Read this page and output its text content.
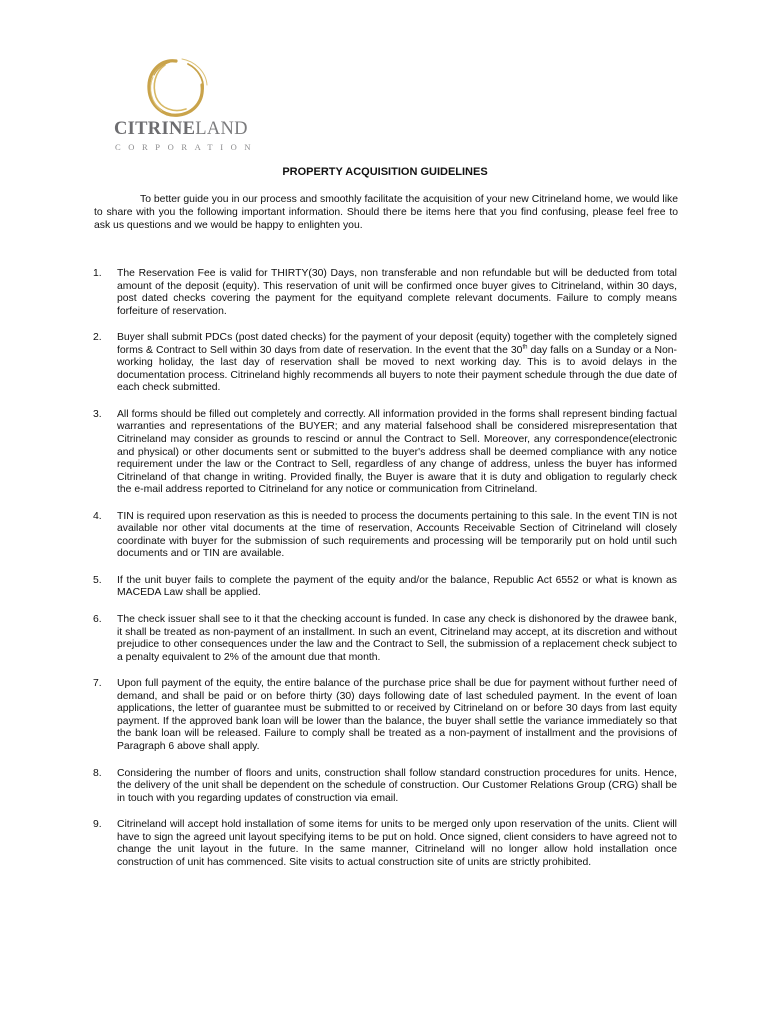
CITRINELAND
CORPORATION
PROPERTY ACQUISITION GUIDELINES

To better guide you in our process and smoothly facilitate the acquisition of your new Citrineland home, we would like to share with you the following important information. Should there be items here that you find confusing, please feel free to ask us questions and we would be happy to enlighten you.

1. The Reservation Fee is valid for THIRTY(30) Days, non transferable and non refundable but will be deducted from total amount of the deposit (equity). This reservation of unit will be confirmed once buyer gives to Citrineland, within 30 days, post dated checks covering the payment for the equityand complete relevant documents. Failure to comply means forfeiture of reservation.
2. Buyer shall submit PDCs (post dated checks) for the payment of your deposit (equity) together with the completely signed forms & Contract to Sell within 30 days from date of reservation. In the event that the 30th day falls on a Sunday or a Non-working holiday, the last day of reservation shall be moved to next working day. This is to avoid delays in the documentation process. Citrineland highly recommends all buyers to note their payment schedule through the due date of each check submitted.
3. All forms should be filled out completely and correctly. All information provided in the forms shall represent binding factual warranties and representations of the BUYER; and any material falsehood shall be considered misrepresentation that Citrineland may consider as grounds to rescind or annul the Contract to Sell. Moreover, any correspondence(electronic and physical) or other documents sent or submitted to the buyer's address shall be deemed compliance with any notice requirement under the law or the Contract to Sell, regardless of any change of address, unless the buyer has informed Citrineland of that change in writing. Provided finally, the Buyer is aware that it is duty and obligation to regularly check the e-mail address reported to Citrineland for any notice or communication from Citrineland.
4. TIN is required upon reservation as this is needed to process the documents pertaining to this sale. In the event TIN is not available nor other vital documents at the time of reservation, Accounts Receivable Section of Citrineland will closely coordinate with buyer for the submission of such requirements and processing will be temporarily put on hold until such documents and or TIN are available.
5. If the unit buyer fails to complete the payment of the equity and/or the balance, Republic Act 6552 or what is known as MACEDA Law shall be applied.
6. The check issuer shall see to it that the checking account is funded. In case any check is dishonored by the drawee bank, it shall be treated as non-payment of an installment. In such an event, Citrineland may accept, at its discretion and without prejudice to other consequences under the law and the Contract to Sell, the submission of a replacement check subject to a penalty equivalent to 2% of the amount due that month.
7. Upon full payment of the equity, the entire balance of the purchase price shall be due for payment without further need of demand, and shall be paid or on before thirty (30) days following date of last scheduled payment. In the event of loan applications, the letter of guarantee must be submitted to or received by Citrineland on or before 30 days from last equity payment. If the approved bank loan will be lower than the balance, the buyer shall settle the variance immediately so that the bank loan will be released. Failure to comply shall be treated as a non-payment of installment and the provisions of Paragraph 6 above shall apply.
8. Considering the number of floors and units, construction shall follow standard construction procedures for units. Hence, the delivery of the unit shall be dependent on the schedule of construction. Our Customer Relations Group (CRG) shall be in touch with you regarding updates of construction via email.
9. Citrineland will accept hold installation of some items for units to be merged only upon reservation of the units. Client will have to sign the agreed unit layout specifying items to be put on hold. Once signed, client considers to have agreed not to change the unit layout in the future. In the same manner, Citrineland will no longer allow hold installation once construction of unit has commenced. Site visits to actual construction site of units are strictly prohibited.
